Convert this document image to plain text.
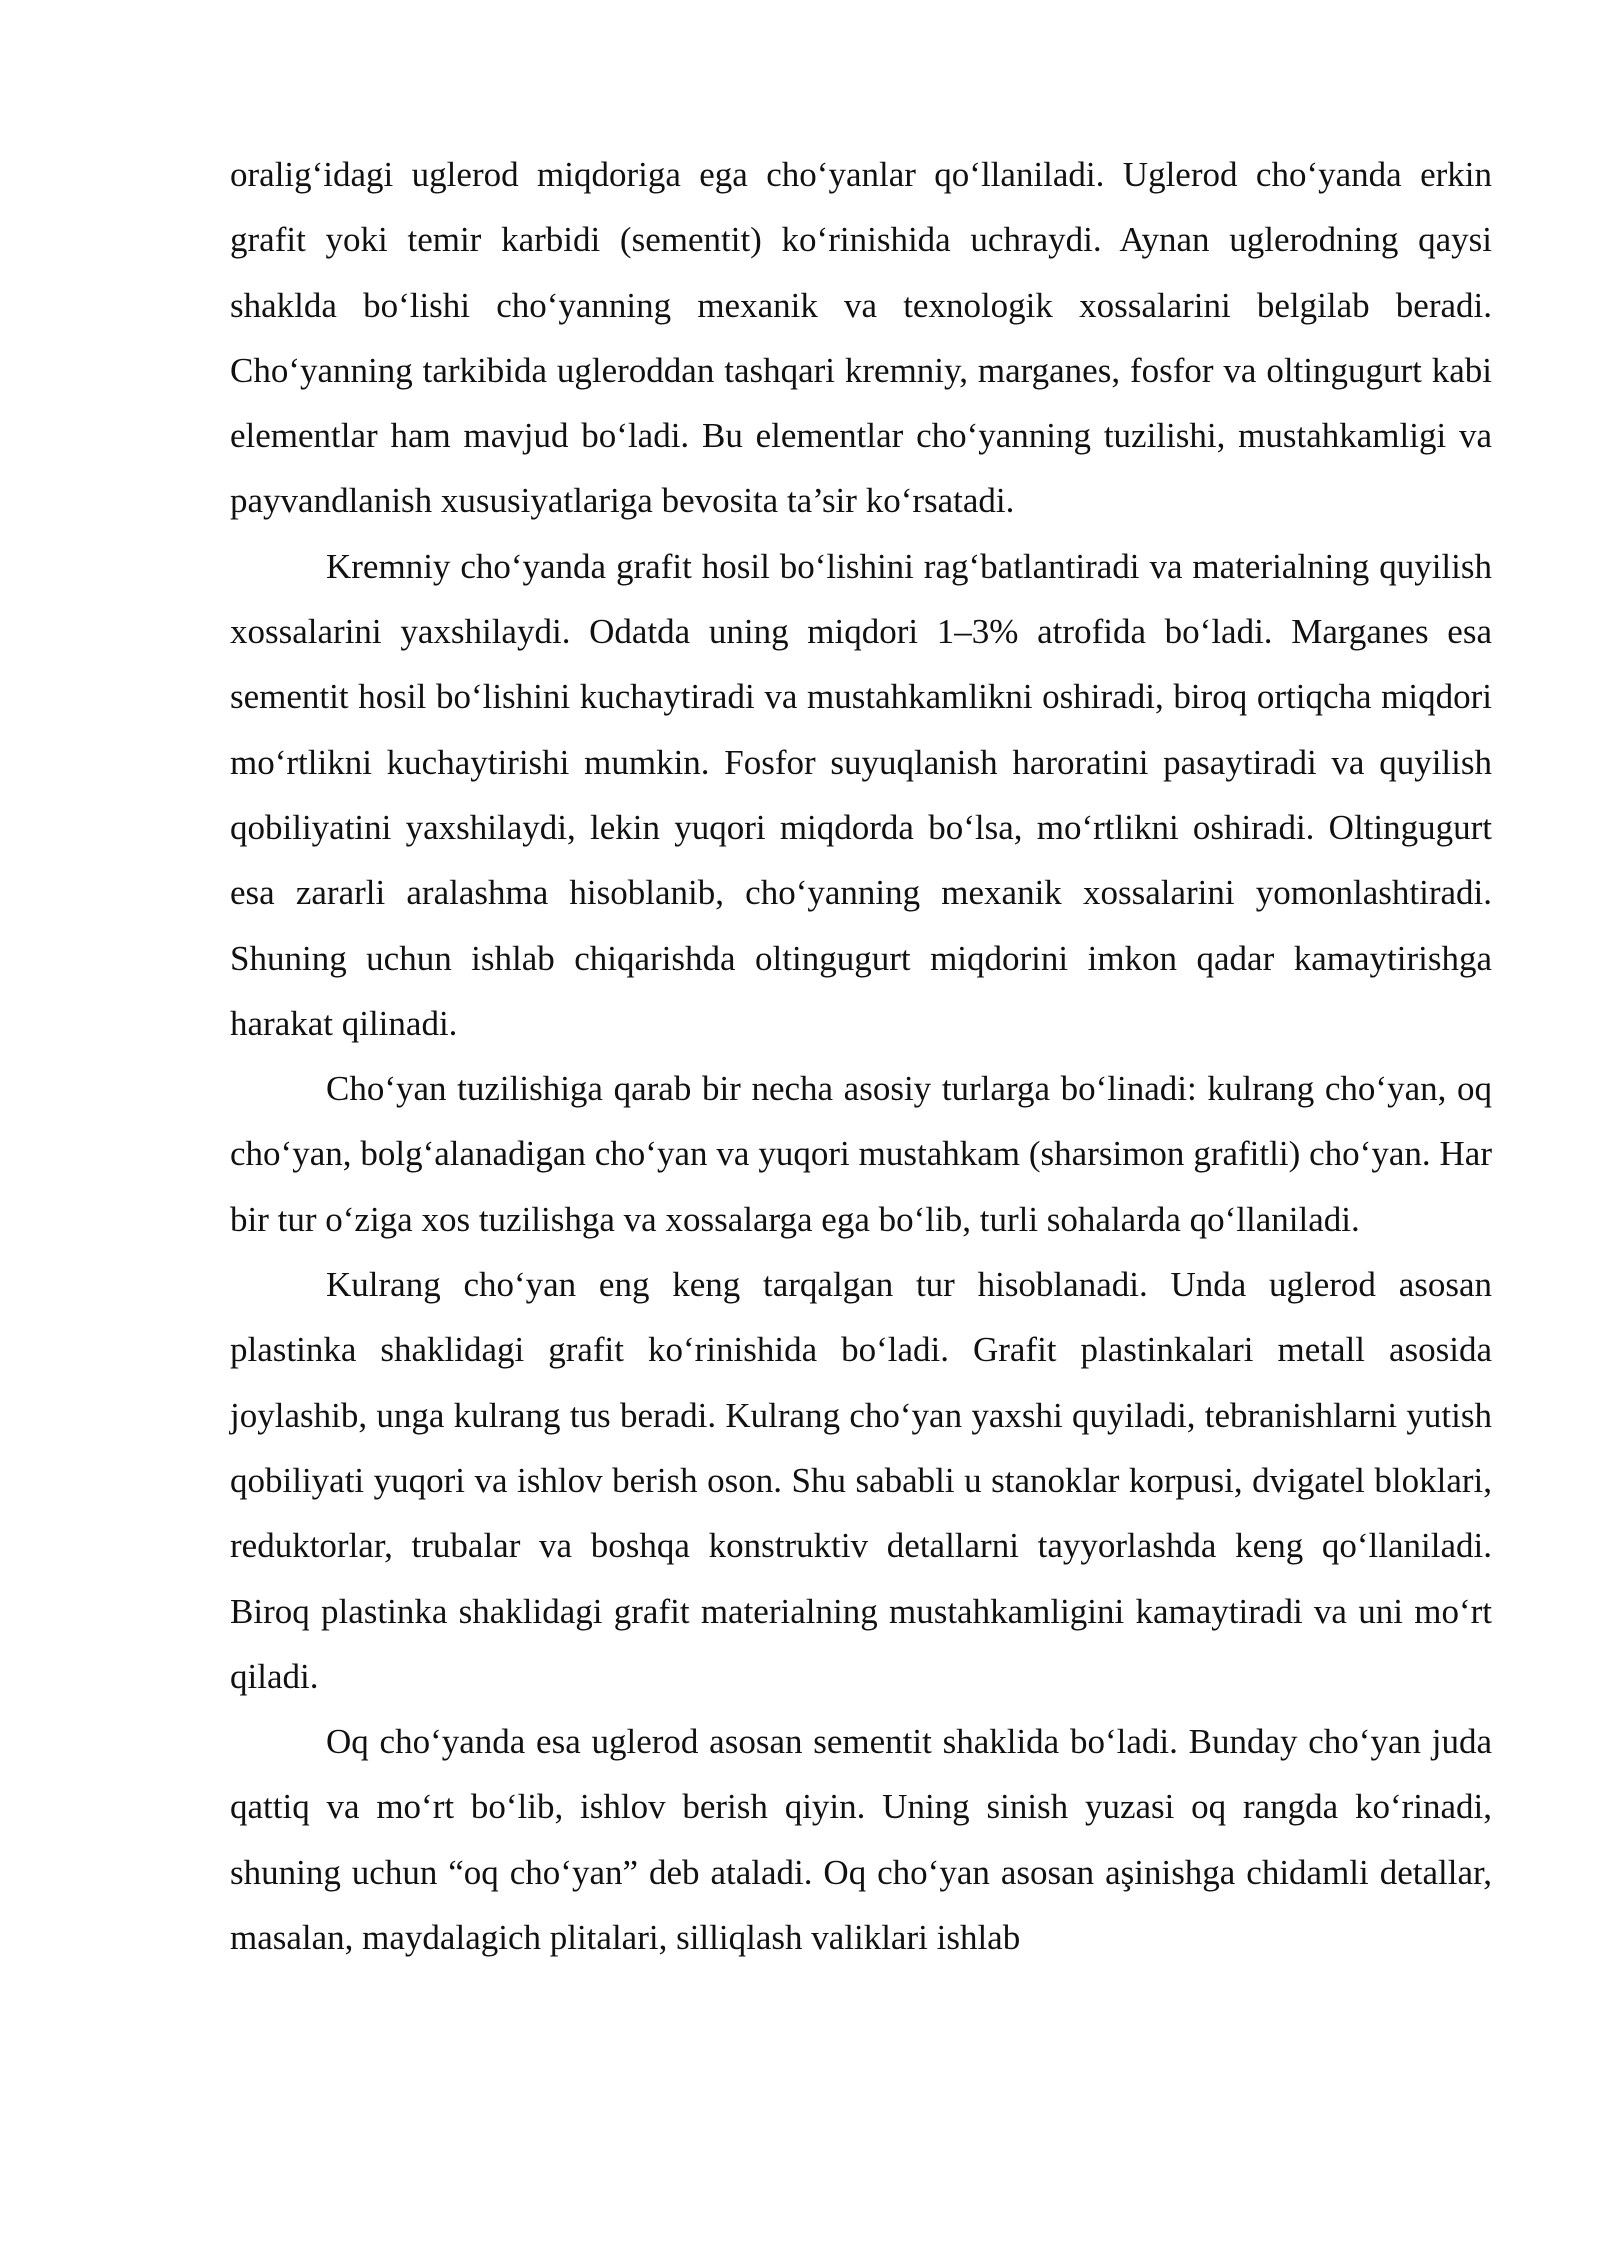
oralig‘idagi uglerod miqdoriga ega cho‘yanlar qo‘llaniladi. Uglerod cho‘yanda erkin grafit yoki temir karbidi (sementit) ko‘rinishida uchraydi. Aynan uglerodning qaysi shaklda bo‘lishi cho‘yanning mexanik va texnologik xossalarini belgilab beradi. Cho‘yanning tarkibida ugleroddan tashqari kremniy, marganes, fosfor va oltingugurt kabi elementlar ham mavjud bo‘ladi. Bu elementlar cho‘yanning tuzilishi, mustahkamligi va payvandlanish xususiyatlariga bevosita ta’sir ko‘rsatadi.

Kremniy cho‘yanda grafit hosil bo‘lishini rag‘batlantiradi va materialning quyilish xossalarini yaxshilaydi. Odatda uning miqdori 1–3% atrofida bo‘ladi. Marganes esa sementit hosil bo‘lishini kuchaytiradi va mustahkamlikni oshiradi, biroq ortiqcha miqdori mo‘rtlikni kuchaytirishi mumkin. Fosfor suyuqlanish haroratini pasaytiradi va quyilish qobiliyatini yaxshilaydi, lekin yuqori miqdorda bo‘lsa, mo‘rtlikni oshiradi. Oltingugurt esa zararli aralashma hisoblanib, cho‘yanning mexanik xossalarini yomonlashtiradi. Shuning uchun ishlab chiqarishda oltingugurt miqdorini imkon qadar kamaytirishga harakat qilinadi.

Cho‘yan tuzilishiga qarab bir necha asosiy turlarga bo‘linadi: kulrang cho‘yan, oq cho‘yan, bolg‘alanadigan cho‘yan va yuqori mustahkam (sharsimon grafitli) cho‘yan. Har bir tur o‘ziga xos tuzilishga va xossalarga ega bo‘lib, turli sohalarda qo‘llaniladi.

Kulrang cho‘yan eng keng tarqalgan tur hisoblanadi. Unda uglerod asosan plastinka shaklidagi grafit ko‘rinishida bo‘ladi. Grafit plastinkalari metall asosida joylashib, unga kulrang tus beradi. Kulrang cho‘yan yaxshi quyiladi, tebranishlarni yutish qobiliyati yuqori va ishlov berish oson. Shu sababli u stanoklar korpusi, dvigatel bloklari, reduktorlar, trubalar va boshqa konstruktiv detallarni tayyorlashda keng qo‘llaniladi. Biroq plastinka shaklidagi grafit materialning mustahkamligini kamaytiradi va uni mo‘rt qiladi.

Oq cho‘yanda esa uglerod asosan sementit shaklida bo‘ladi. Bunday cho‘yan juda qattiq va mo‘rt bo‘lib, ishlov berish qiyin. Uning sinish yuzasi oq rangda ko‘rinadi, shuning uchun “oq cho‘yan” deb ataladi. Oq cho‘yan asosan aşinishga chidamli detallar, masalan, maydalagich plitalari, silliqlash valiklari ishlab
